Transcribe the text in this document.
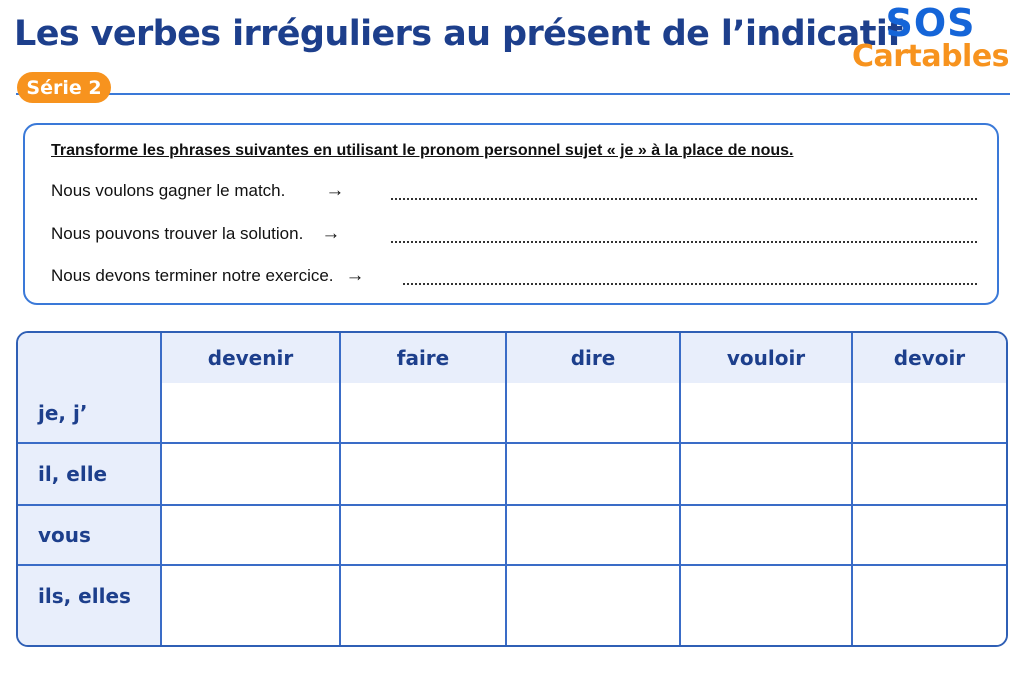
Les verbes irréguliers au présent de l’indicatif
SOS
Cartables
Série 2

Transforme les phrases suivantes en utilisant le pronom personnel sujet « je » à la place de nous.

Nous voulons gagner le match. →
Nous pouvons trouver la solution. →
Nous devons terminer notre exercice. →
	devenir	faire	dire	vouloir	devoir
je, j’					
il, elle					
vous					
ils, elles					
